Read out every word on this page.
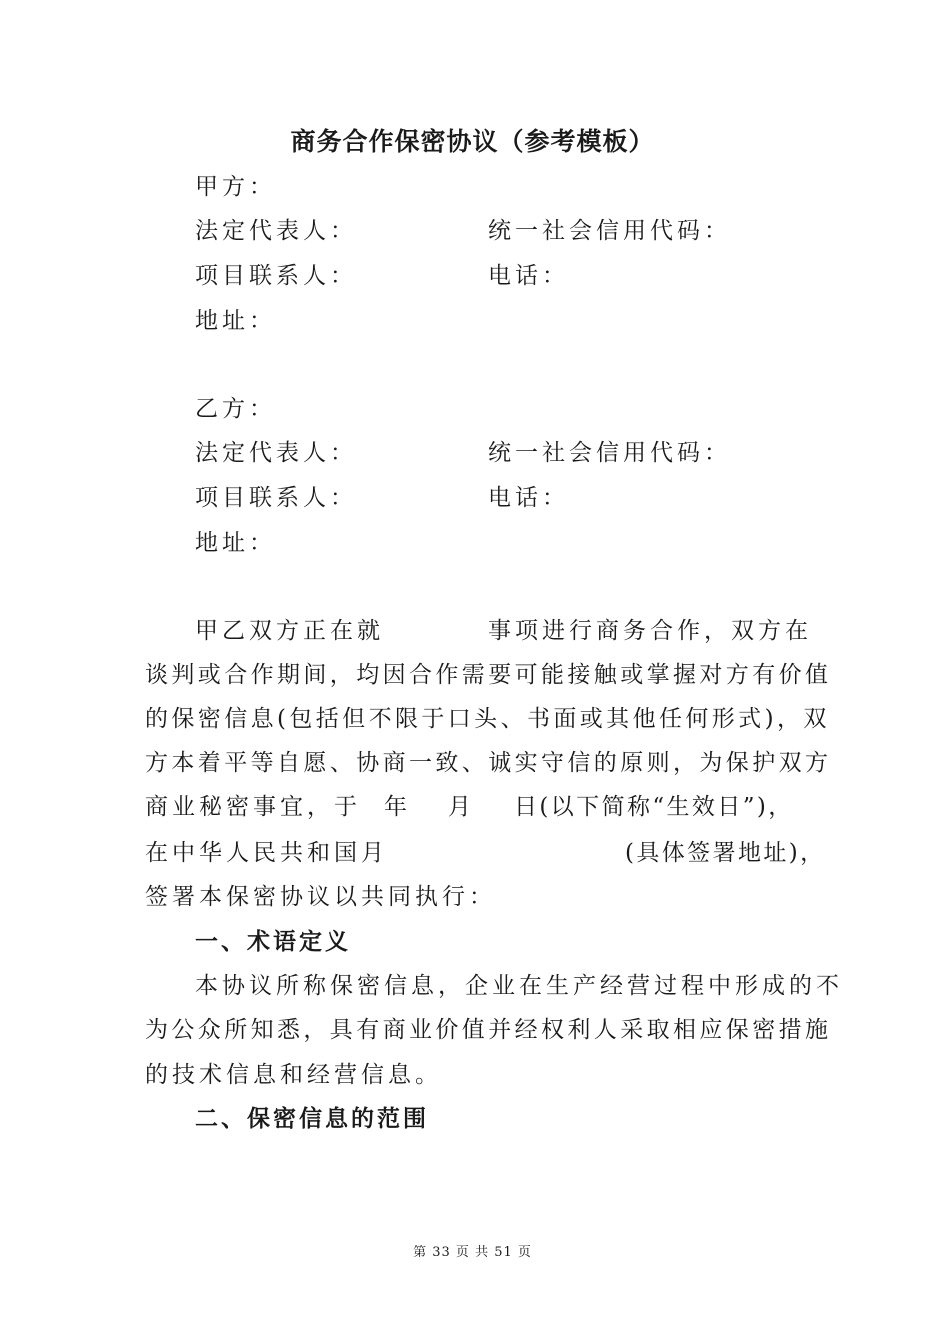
商务合作保密协议（参考模板）
甲方：
法定代表人：	统一社会信用代码：
项目联系人：	电话：
地址：
乙方：
法定代表人：	统一社会信用代码：
项目联系人：	电话：
地址：
甲乙双方正在就	事项进行商务合作，双方在
谈判或合作期间，均因合作需要可能接触或掌握对方有价值
的保密信息(包括但不限于口头、书面或其他任何形式)，双
方本着平等自愿、协商一致、诚实守信的原则，为保护双方
商业秘密事宜，于 年 月 日(以下简称“生效日”)，
在中华人民共和国月	(具体签署地址)，
签署本保密协议以共同执行：
一、术语定义
本协议所称保密信息，企业在生产经营过程中形成的不
为公众所知悉，具有商业价值并经权利人采取相应保密措施
的技术信息和经营信息。
二、保密信息的范围
第 33 页 共 51 页
